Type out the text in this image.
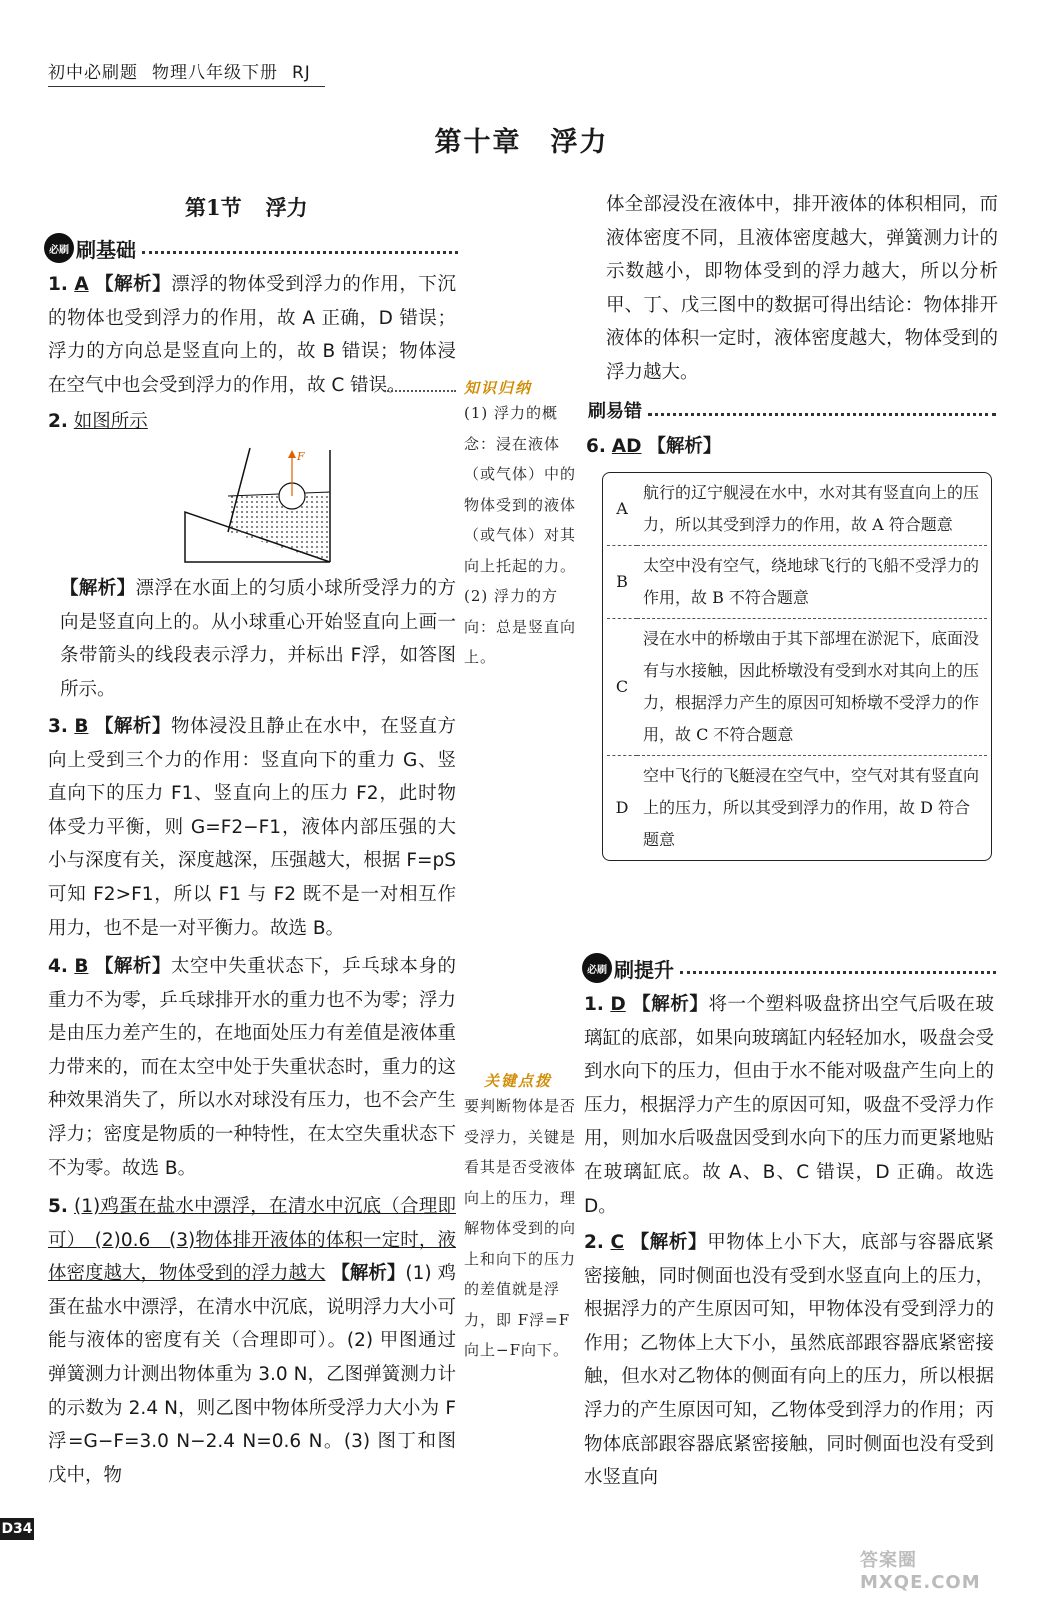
初中必刷题 物理八年级下册 RJ
第十章　浮力
第1节 浮力
必刷 刷基础
1. A 【解析】漂浮的物体受到浮力的作用，下沉的物体也受到浮力的作用，故 A 正确，D 错误；浮力的方向总是竖直向上的，故 B 错误；物体浸在空气中也会受到浮力的作用，故 C 错误。
2. 如图所示
F
【解析】漂浮在水面上的匀质小球所受浮力的方向是竖直向上的。从小球重心开始竖直向上画一条带箭头的线段表示浮力，并标出 F浮，如答图所示。
3. B 【解析】物体浸没且静止在水中，在竖直方向上受到三个力的作用：竖直向下的重力 G、竖直向下的压力 F1、竖直向上的压力 F2，此时物体受力平衡，则 G=F2−F1，液体内部压强的大小与深度有关，深度越深，压强越大，根据 F=pS 可知 F2>F1，所以 F1 与 F2 既不是一对相互作用力，也不是一对平衡力。故选 B。
4. B 【解析】太空中失重状态下，乒乓球本身的重力不为零，乒乓球排开水的重力也不为零；浮力是由压力差产生的，在地面处压力有差值是液体重力带来的，而在太空中处于失重状态时，重力的这种效果消失了，所以水对球没有压力，也不会产生浮力；密度是物质的一种特性，在太空失重状态下不为零。故选 B。
5. (1)鸡蛋在盐水中漂浮，在清水中沉底（合理即可）　(2)0.6　(3)物体排开液体的体积一定时，液体密度越大，物体受到的浮力越大 【解析】(1) 鸡蛋在盐水中漂浮，在清水中沉底，说明浮力大小可能与液体的密度有关（合理即可）。(2) 甲图通过弹簧测力计测出物体重为 3.0 N，乙图弹簧测力计的示数为 2.4 N，则乙图中物体所受浮力大小为 F浮=G−F=3.0 N−2.4 N=0.6 N。(3) 图丁和图戊中，物
知识归纳
(1) 浮力的概念：浸在液体（或气体）中的物体受到的液体（或气体）对其向上托起的力。(2) 浮力的方向：总是竖直向上。
关键点拨
要判断物体是否受浮力，关键是看其是否受液体向上的压力，理解物体受到的向上和向下的压力的差值就是浮力，即 F浮=F向上−F向下。
体全部浸没在液体中，排开液体的体积相同，而液体密度不同，且液体密度越大，弹簧测力计的示数越小，即物体受到的浮力越大，所以分析甲、丁、戊三图中的数据可得出结论：物体排开液体的体积一定时，液体密度越大，物体受到的浮力越大。
刷易错
6. AD 【解析】
A	航行的辽宁舰浸在水中，水对其有竖直向上的压力，所以其受到浮力的作用，故 A 符合题意
B	太空中没有空气，绕地球飞行的飞船不受浮力的作用，故 B 不符合题意
C	浸在水中的桥墩由于其下部埋在淤泥下，底面没有与水接触，因此桥墩没有受到水对其向上的压力，根据浮力产生的原因可知桥墩不受浮力的作用，故 C 不符合题意
D	空中飞行的飞艇浸在空气中，空气对其有竖直向上的压力，所以其受到浮力的作用，故 D 符合题意
必刷 刷提升
1. D 【解析】将一个塑料吸盘挤出空气后吸在玻璃缸的底部，如果向玻璃缸内轻轻加水，吸盘会受到水向下的压力，但由于水不能对吸盘产生向上的压力，根据浮力产生的原因可知，吸盘不受浮力作用，则加水后吸盘因受到水向下的压力而更紧地贴在玻璃缸底。故 A、B、C 错误，D 正确。故选 D。
2. C 【解析】甲物体上小下大，底部与容器底紧密接触，同时侧面也没有受到水竖直向上的压力，根据浮力的产生原因可知，甲物体没有受到浮力的作用；乙物体上大下小，虽然底部跟容器底紧密接触，但水对乙物体的侧面有向上的压力，所以根据浮力的产生原因可知，乙物体受到浮力的作用；丙物体底部跟容器底紧密接触，同时侧面也没有受到水竖直向
D34
答案圈 MXQE.COM
